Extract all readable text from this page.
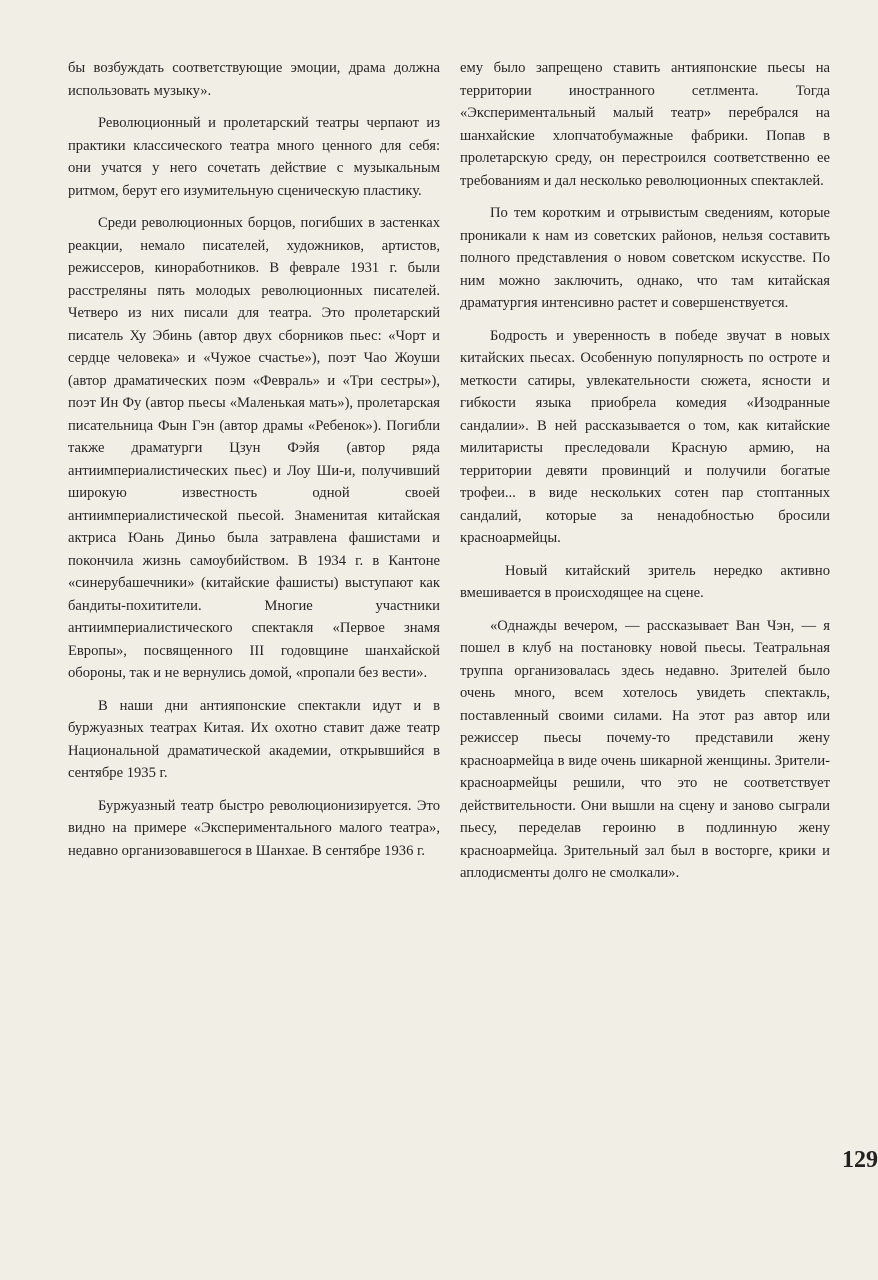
бы возбуждать соответствующие эмоции, драма должна использовать музыку».

Революционный и пролетарский театры черпают из практики классического театра много ценного для себя: они учатся у него сочетать действие с музыкальным ритмом, берут его изумительную сценическую пластику.

Среди революционных борцов, погибших в застенках реакции, немало писателей, художников, артистов, режиссеров, кинoработников. В феврале 1931 г. были расстреляны пять молодых революционных писателей. Четверо из них писали для театра. Это пролетарский писатель Ху Эбинь (автор двух сборников пьес: «Чорт и сердце человека» и «Чужое счастье»), поэт Чао Жоуши (автор драматических поэм «Февраль» и «Три сестры»), поэт Ин Фу (автор пьесы «Маленькая мать»), пролетарская писательница Фын Гэн (автор драмы «Ребенок»). Погибли также драматурги Цзун Фэйя (автор ряда антиимпериалистических пьес) и Лоу Ши-и, получивший широкую известность одной своей антиимпериалистической пьесой. Знаменитая китайская актриса Юань Диньо была затравлена фашистами и покончила жизнь самоубийством. В 1934 г. в Кантоне «синерубашечники» (китайские фашисты) выступают как бандиты-похитители. Многие участники антиимпериалистического спектакля «Первое знамя Европы», посвященного III годовщине шанхайской обороны, так и не вернулись домой, «пропали без вести».

В наши дни антияпонские спектакли идут и в буржуазных театрах Китая. Их охотно ставит даже театр Национальной драматической академии, открывшийся в сентябре 1935 г.

Буржуазный театр быстро революционизируется. Это видно на примере «Экспериментального малого театра», недавно организовавшегося в Шанхае. В сентябре 1936 г.

ему было запрещено ставить антияпонские пьесы на территории иностранного сетлмента. Тогда «Экспериментальный малый театр» перебрался на шанхайские хлопчатобумажные фабрики. Попав в пролетарскую среду, он перестроился соответственно ее требованиям и дал несколько революционных спектаклей.

По тем коротким и отрывистым сведениям, которые проникали к нам из советских районов, нельзя составить полного представления о новом советском искусстве. По ним можно заключить, однако, что там китайская драматургия интенсивно растет и совершенствуется.

Бодрость и уверенность в победе звучат в новых китайских пьесах. Особенную популярность по остроте и меткости сатиры, увлекательности сюжета, ясности и гибкости языка приобрела комедия «Изодранные сандалии». В ней рассказывается о том, как китайские милитаристы преследовали Красную армию, на территории девяти провинций и получили богатые трофеи... в виде нескольких сотен пар стоптанных сандалий, которые за ненадобностью бросили красноармейцы.

Новый китайский зритель нередко активно вмешивается в происходящее на сцене.

«Однажды вечером, — рассказывает Ван Чэн, — я пошел в клуб на постановку новой пьесы. Театральная труппа организовалась здесь недавно. Зрителей было очень много, всем хотелось увидеть спектакль, поставленный своими силами. На этот раз автор или режиссер пьесы почему-то представили жену красноармейца в виде очень шикарной женщины. Зрители-красноармейцы решили, что это не соответствует действительности. Они вышли на сцену и заново сыграли пьесу, переделав героиню в подлинную жену красноармейца. Зрительный зал был в восторге, крики и аплодисменты долго не смолкали».

129
